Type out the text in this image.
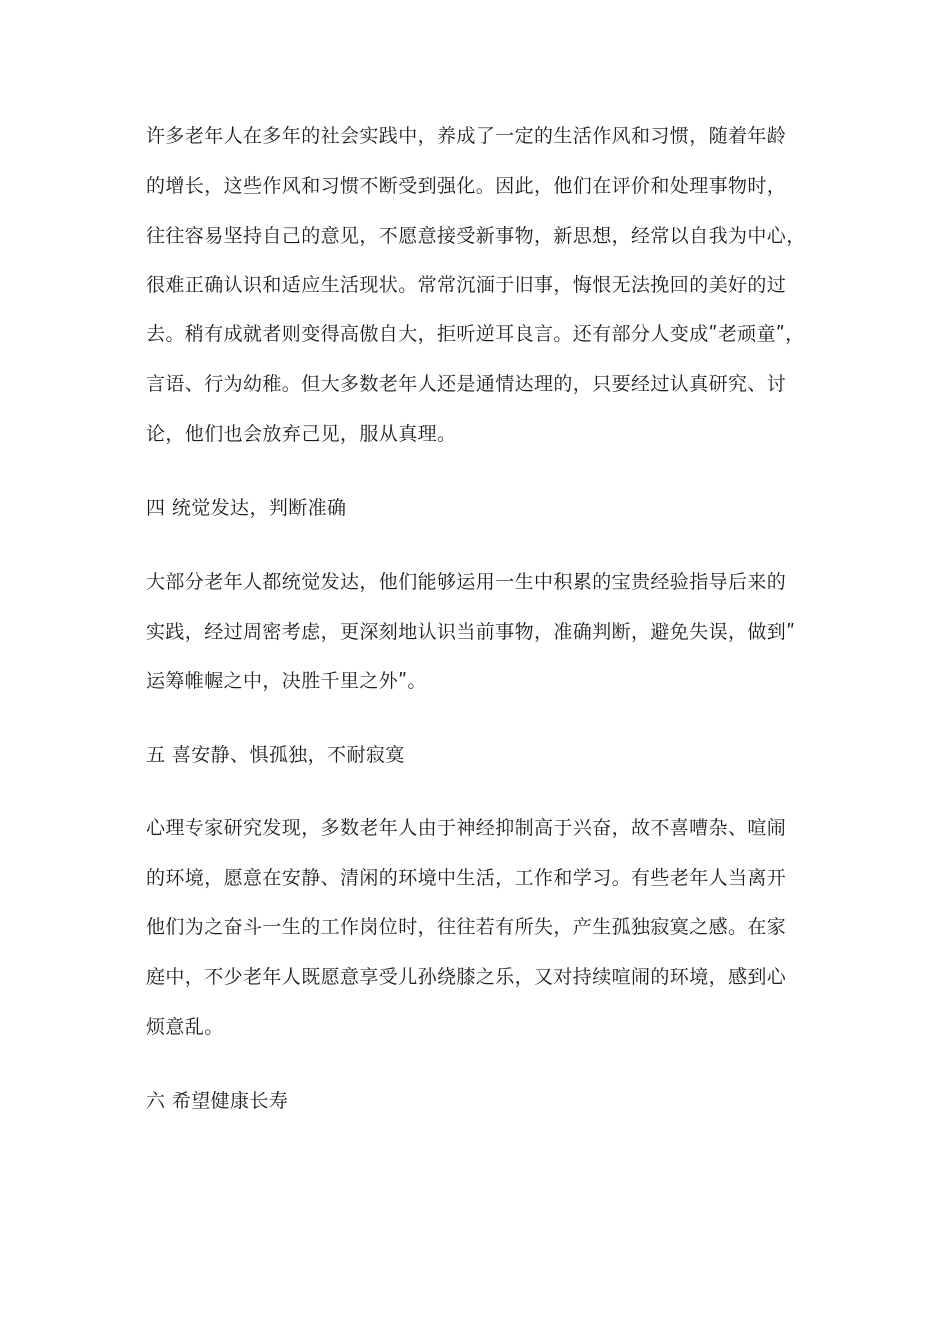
许多老年人在多年的社会实践中，养成了一定的生活作风和习惯，随着年龄
的增长，这些作风和习惯不断受到强化。因此，他们在评价和处理事物时，
往往容易坚持自己的意见，不愿意接受新事物，新思想，经常以自我为中心，
很难正确认识和适应生活现状。常常沉湎于旧事，悔恨无法挽回的美好的过
去。稍有成就者则变得高傲自大，拒听逆耳良言。还有部分人变成ʺ老顽童ʺ，
言语、行为幼稚。但大多数老年人还是通情达理的，只要经过认真研究、讨
论，他们也会放弃己见，服从真理。
四 统觉发达，判断准确
大部分老年人都统觉发达，他们能够运用一生中积累的宝贵经验指导后来的
实践，经过周密考虑，更深刻地认识当前事物，准确判断，避免失误，做到ʺ
运筹帷幄之中，决胜千里之外ʺ。
五 喜安静、惧孤独，不耐寂寞
心理专家研究发现，多数老年人由于神经抑制高于兴奋，故不喜嘈杂、喧闹
的环境，愿意在安静、清闲的环境中生活，工作和学习。有些老年人当离开
他们为之奋斗一生的工作岗位时，往往若有所失，产生孤独寂寞之感。在家
庭中，不少老年人既愿意享受儿孙绕膝之乐，又对持续喧闹的环境，感到心
烦意乱。
六 希望健康长寿
